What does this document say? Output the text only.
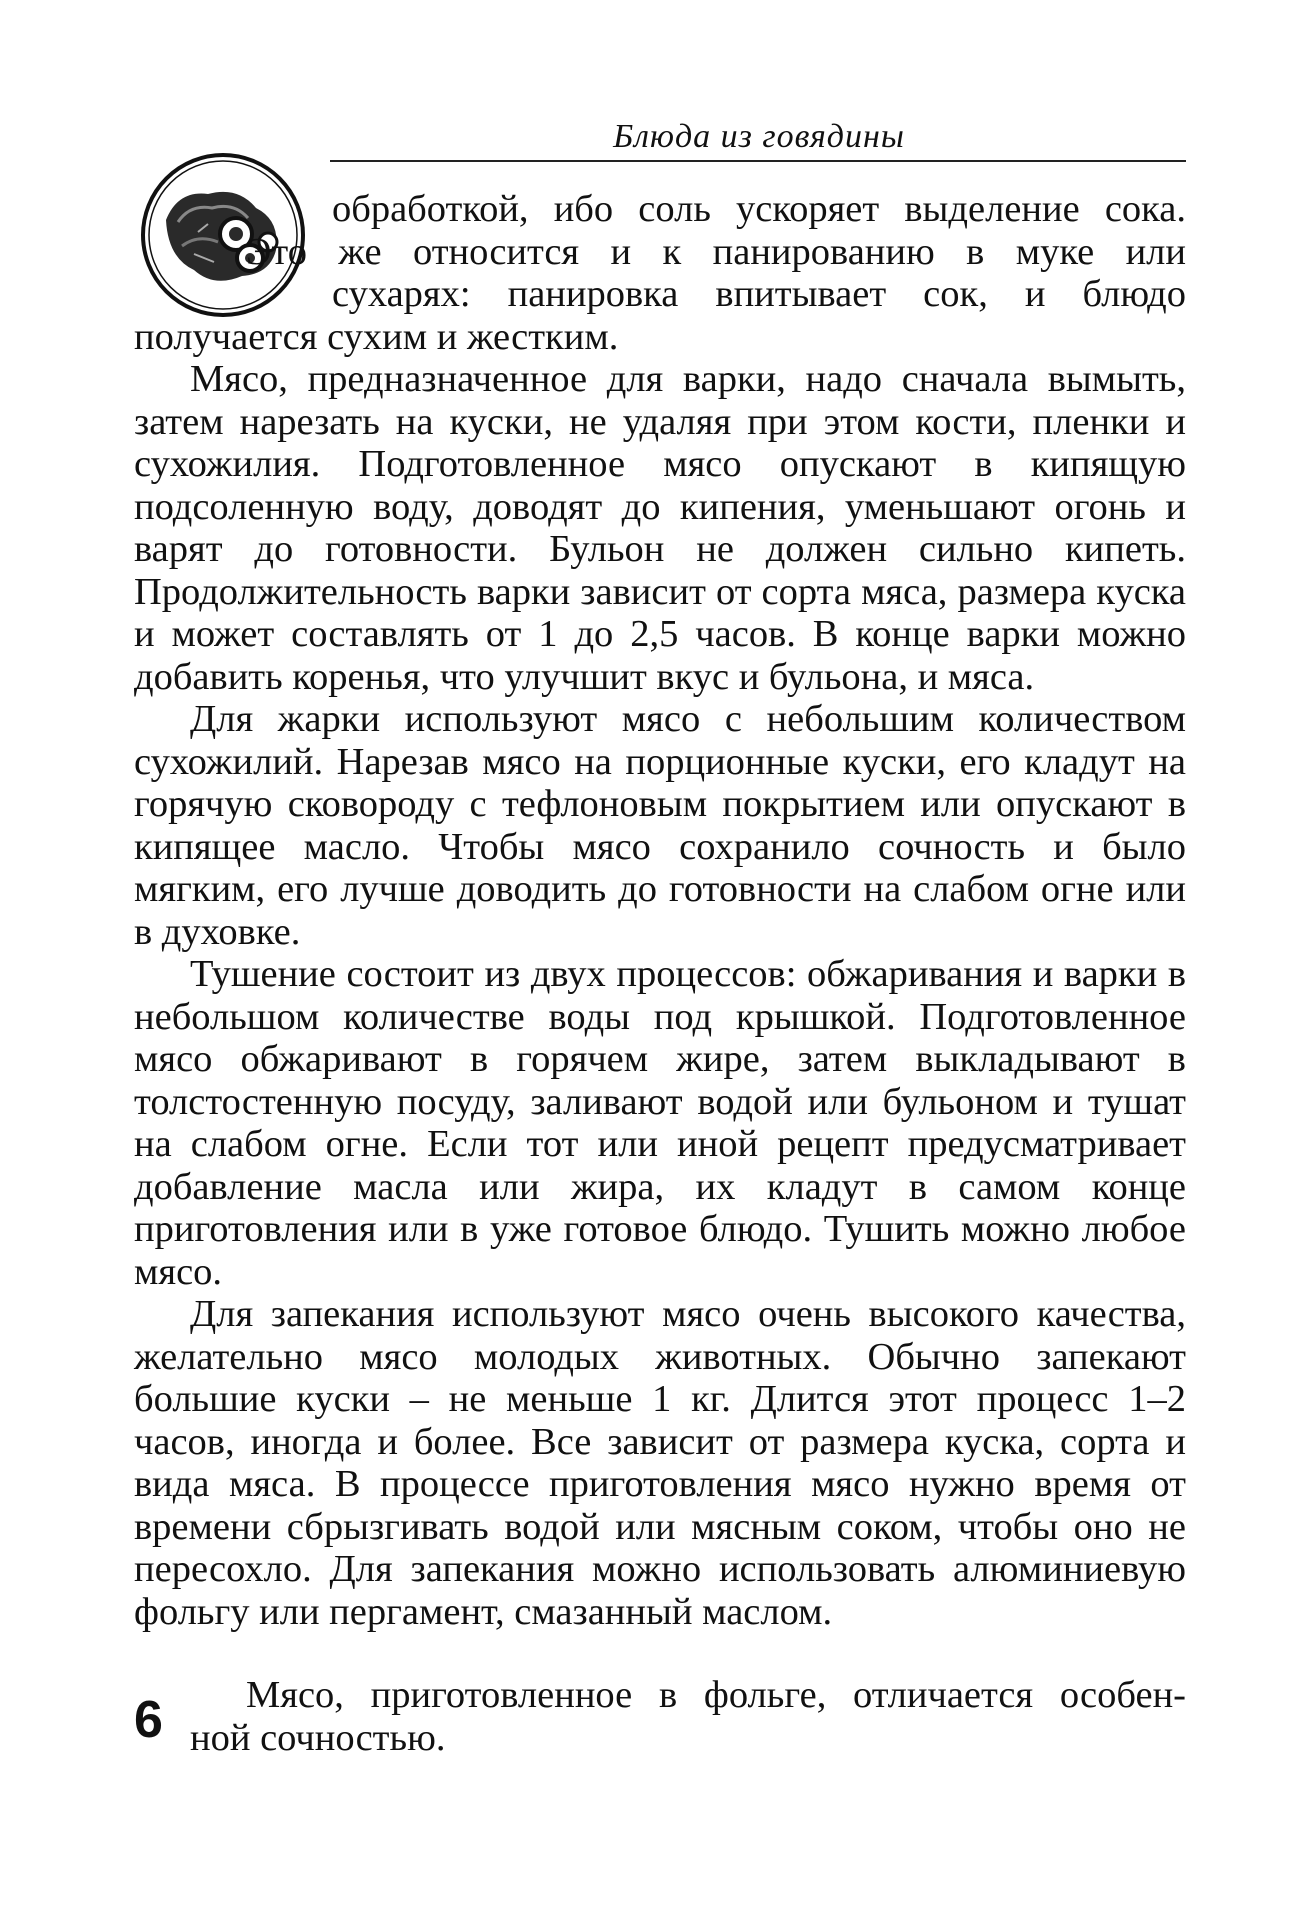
Блюда из говядины

обработкой, ибо соль ускоряет выделение сока.
Это же относится и к панированию в муке или
сухарях: панировка впитывает сок, и блюдо
получается сухим и жестким.

Мясо, предназначенное для варки, надо сначала вымыть, затем нарезать на куски, не удаляя при этом кости, пленки и сухожилия. Подготовленное мясо опускают в кипящую подсоленную воду, доводят до кипения, уменьшают огонь и варят до готовности. Бульон не должен сильно кипеть. Продолжительность варки зависит от сорта мяса, размера куска и может составлять от 1 до 2,5 часов. В конце варки можно добавить коренья, что улучшит вкус и бульона, и мяса.

Для жарки используют мясо с небольшим количеством сухожилий. Нарезав мясо на порционные куски, его кладут на горячую сковороду с тефлоновым покрытием или опускают в кипящее масло. Чтобы мясо сохранило сочность и было мягким, его лучше доводить до готовности на слабом огне или в духовке.

Тушение состоит из двух процессов: обжаривания и варки в небольшом количестве воды под крышкой. Подготовленное мясо обжаривают в горячем жире, затем выкладывают в толстостенную посуду, заливают водой или бульоном и тушат на слабом огне. Если тот или иной рецепт предусматривает добавление масла или жира, их кладут в самом конце приготовления или в уже готовое блюдо. Тушить можно любое мясо.

Для запекания используют мясо очень высокого качества, желательно мясо молодых животных. Обычно запекают большие куски – не меньше 1 кг. Длится этот процесс 1–2 часов, иногда и более. Все зависит от размера куска, сорта и вида мяса. В процессе приготовления мясо нужно время от времени сбрызгивать водой или мясным соком, чтобы оно не пересохло. Для запекания можно использовать алюминиевую фольгу или пергамент, смазанный маслом.

Мясо, приготовленное в фольге, отличается особен-
ной сочностью.
6
